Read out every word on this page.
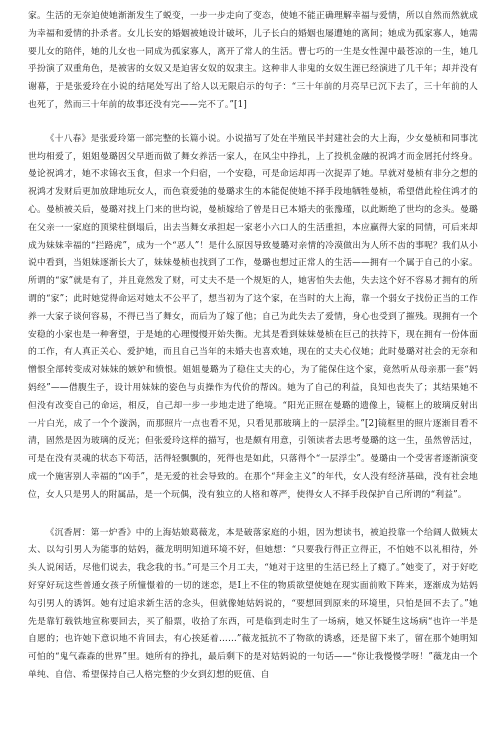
家。生活的无奈迫使她渐渐发生了蜕变，一步一步走向了变态，使她不能正确理解幸福与爱情，所以自然而然就成为幸福和爱情的扑杀者。女儿长安的婚姻被她设计破坏，儿子长白的婚姻也屡遭她的离间；她成为孤家寡人，她需要儿女的陪伴，她的儿女也一同成为孤家寡人，离开了常人的生活。曹七巧的一生是女性渥中最苍凉的一生，她几乎扮演了双重角色，是被害的女奴又是迫害女奴的奴隶主。这种非人非鬼的女奴生涯已经演进了几千年；却并没有谢幕，于是张爱玲在小说的结尾处写出了给人以无限启示的句子：“三十年前的月亮早已沉下去了，三十年前的人也死了，然而三十年前的故事还没有完——完不了。”[1]

《十八春》是张爱玲第一部完整的长篇小说。小说描写了处在半殖民半封建社会的大上海，少女曼桢和同事沈世均相爱了，姐姐曼璐因父早逝而做了舞女养活一家人，在风尘中挣扎，上了投机金融的祝鸿才而金屑托付终身。曼论祝鸿才，她不求锦衣玉食，但求一个归宿，一个安稳，可是命运却再一次捉弄了她。早就对曼桢有非分之想的祝鸿才发财后更加放肆地玩女人，而色衰爱弛的曼璐求生的本能促使她不择手段地牺牲曼桢，希望借此栓住鸿才的心。曼桢被关后，曼璐对找上门来的世均说，曼桢嫁给了曾是日已本婚夫的张豫瑾，以此断绝了世均的念头。曼璐在父亲一一家庭的顶梁柱倒塌后，出去当舞女承担起一家老小六口人的生活重担，本应赢得大家的同情，可后来却成为妹妹幸福的“拦路虎”，成为一个“恶人”！是什么原因导致曼璐对亲情的冷漠做出为人所不齿的事呢？我们从小说中看到，当姐妹逐渐长大了，妹妹曼桢也找到了工作，曼璐也想过正常人的生活——拥有一个属于自己的小家。所谓的“家”就是有了，并且竟然发了财，可丈夫不是一个规矩的人，她害怕失去他，失去这个好不容易才拥有的所谓的“家”；此时她觉得命运对她太不公平了，想当初为了这个家，在当时的大上海，靠一个弱女子找份正当的工作养一大家子谈何容易，不得已当了舞女，而后为了嫁了他；自己为此失去了爱情，身心也受到了摧残。现拥有一个安稳的小家也是一种奢望，于是她的心理慢慢开始失衡。尤其是看到妹妹曼桢在巨己的扶持下，现在拥有一份体面的工作，有人真正关心、爱护她，而且自己当年的未婚夫也喜欢她，现在的丈夫心仪她；此时曼璐对社会的无奈和憎恨全部转变成对妹妹的嫉妒和愤恨。姐姐曼璐为了稳住丈夫的心，为了能保住这个家，竟然听从母亲那一套“妈妈经”——借腹生子，设计用妹妹的姿色与贞操作为代价的帮凶。她为了自己的利益，良知也丧失了；其结果她不但没有改变自己的命运，相反，自己却一步一步地走进了绝境。“阳光正照在曼璐的遗像上，镜框上的玻璃反射出一片白光，成了一个个漩涡，而那照片一点也看不见，只看见那玻璃上的一层浮尘。”[2]镜框里的照片逐渐目看不清，固然是因为玻璃的反光；但张爱玲这样的描写，也是颇有用意，引领读者去思考曼璐的这一生，虽然曾活过，可是在没有灵魂的状态下苟活，活得轻飘飘的，死得也是如此，只落得个“一层浮尘”。曼璐由一个受害者逐渐演变成一个施害别人幸福的“凶手”，是无爱的社会导致的。在那个“拜金主义”的年代，女人没有经济基础，没有社会地位，女人只是男人的附属品，是一个玩偶，没有独立的人格和尊严，使得女人不择手段保护自己所谓的“利益”。

《沉香屑：第一炉香》中的上海姑娘葛薇龙，本是破落家庭的小姐，因为想读书，被迫投靠一个给阔人做姨太太、以勾引男人为能事的姑妈，薇龙明明知道环境不好，但她想：“只要我行得正立得正，不怕她不以礼相待，外头人说闲话，尽他们说去，我念我的书。”可是三个月工夫，“她对于这里的生活已经上了瘾了。”她变了，对于好吃好穿好玩这些普通女孩子所憧憬着的一切的迷恋，是I上不住的物质欲望使她在现实面前败下阵来，逐渐成为姑妈勾引男人的诱饵。她有过追求新生活的念头，但就像她姑妈说的，“要想回到原来的环境里，只怕是回不去了。”她先是靠钉载铁地宣称要回去，买了船票，收拾了东西，可是临到走时生了一场病，她又怀疑生这场病“也许一半是自愿的；也许她下意识地不肯回去，有心挨延着……”薇龙抵抗不了物欲的诱惑，还是留下来了，留在那个她明知可怕的“鬼气森森的世界”里。她所有的挣扎，最后剩下的是对姑妈说的一句话——“你让我慢慢学呀！”薇龙由一个单纯、自信、希望保持自己人格完整的少女到幻想的贬值、自
